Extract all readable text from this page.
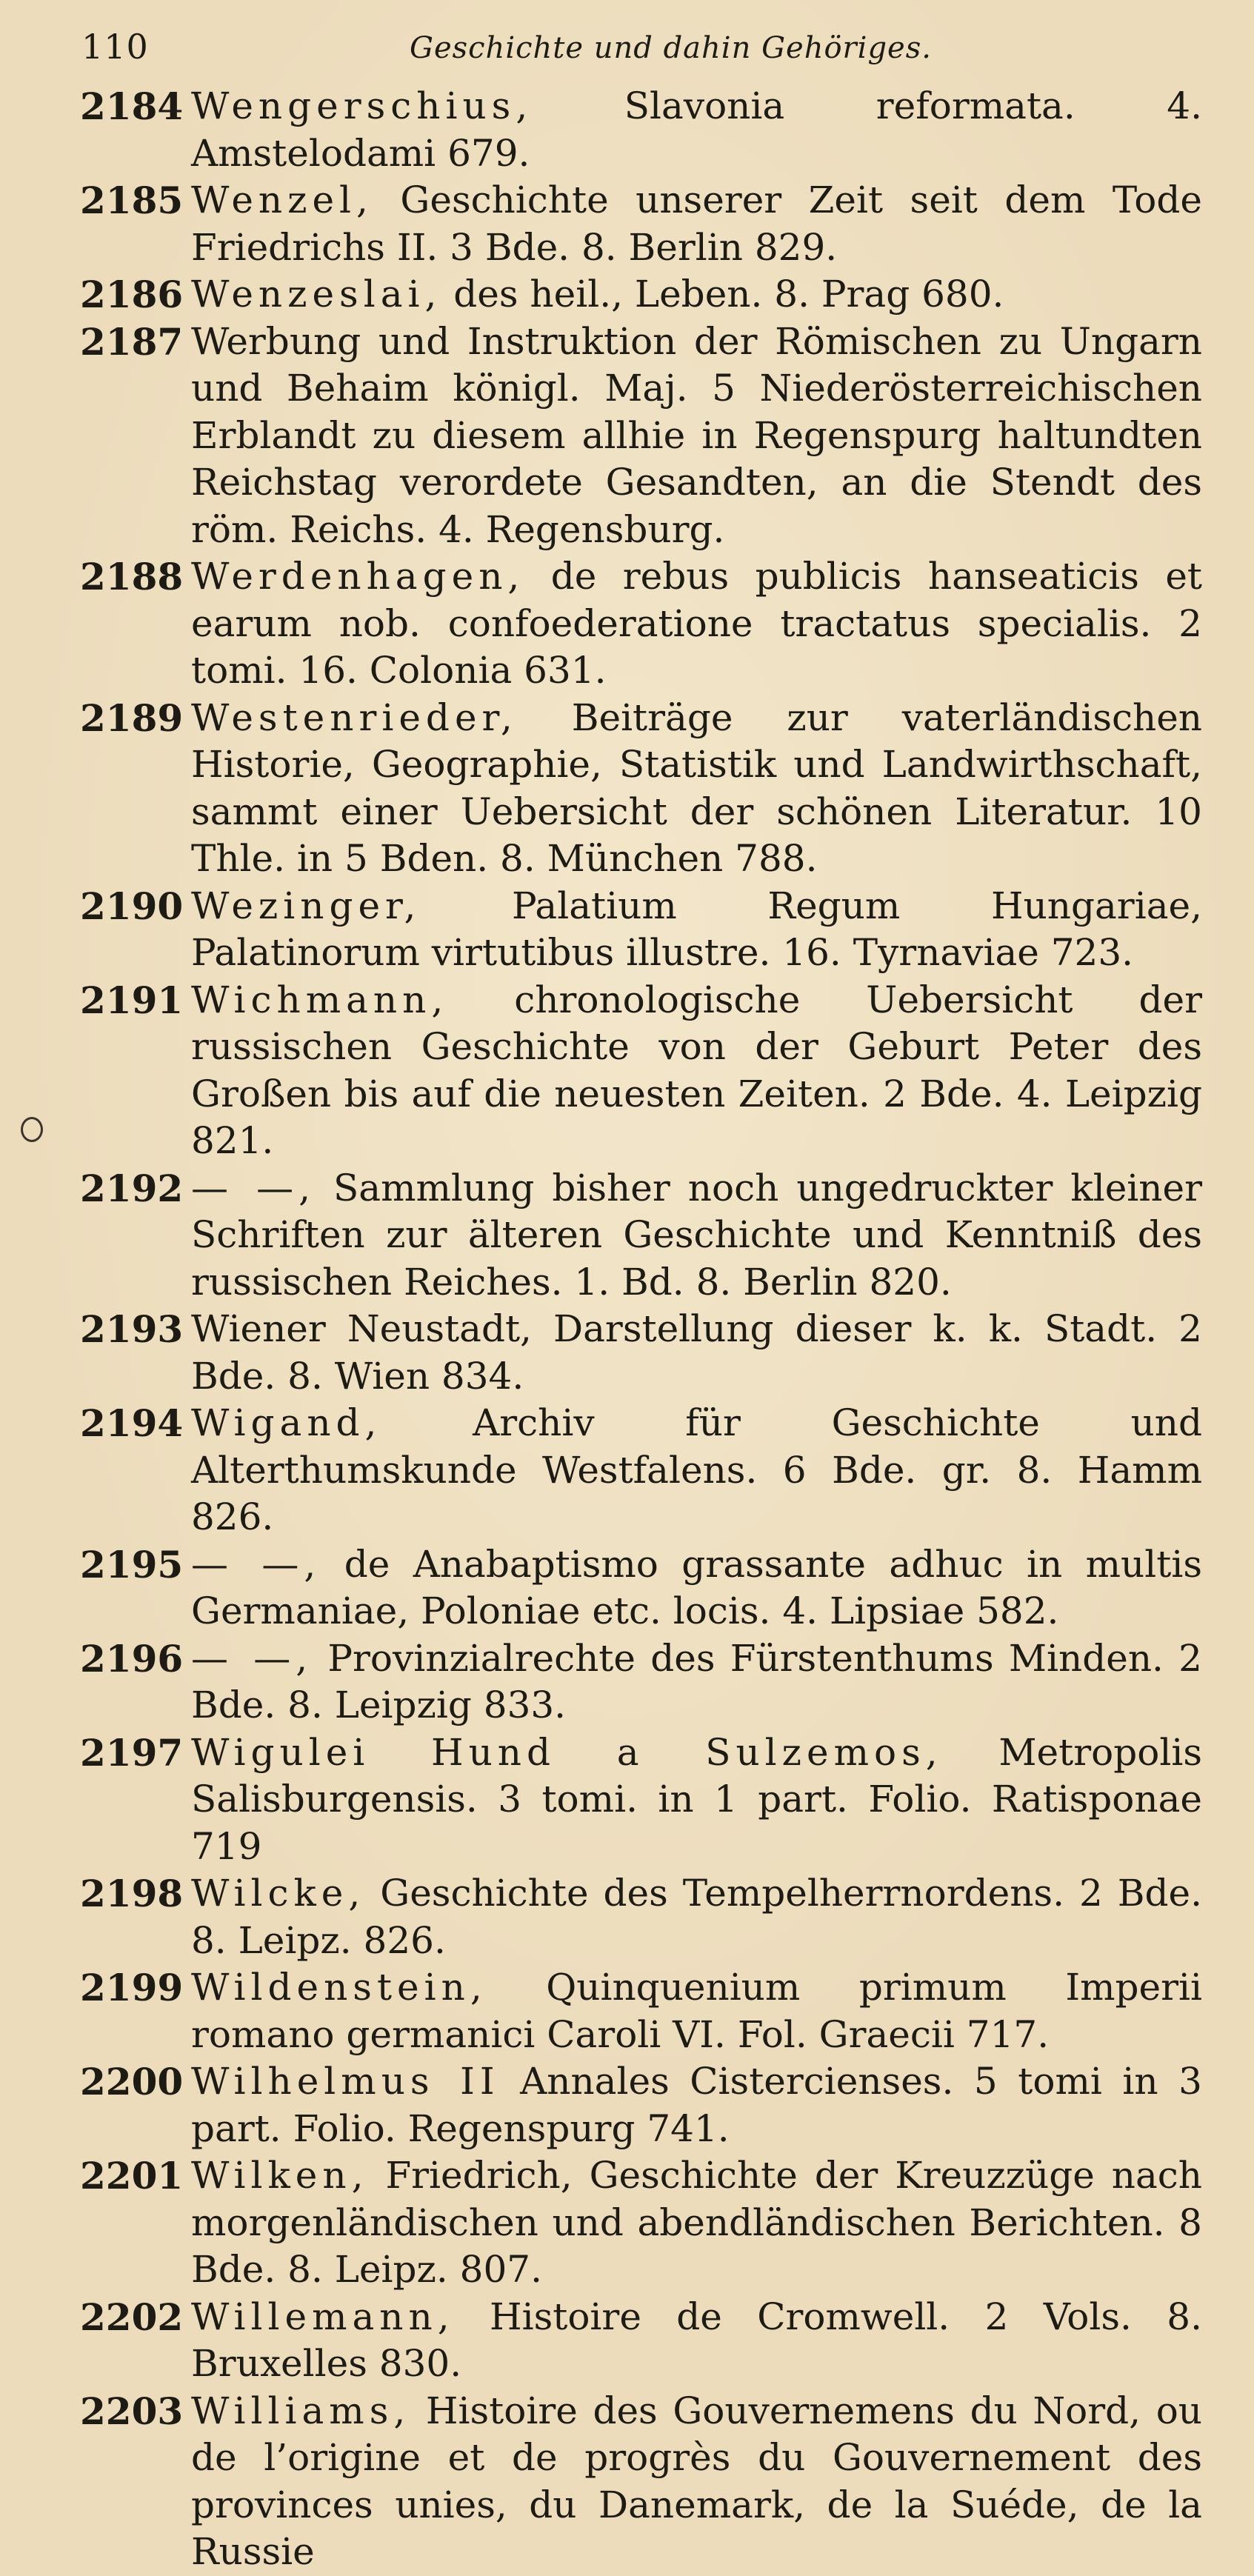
110	Geschichte und dahin Gehöriges.
2184 Wengerschius, Slavonia reformata. 4. Amstelodami 679.

2185 Wenzel, Geschichte unserer Zeit seit dem Tode Friedrichs II. 3 Bde. 8. Berlin 829.

2186 Wenzeslai, des heil., Leben. 8. Prag 680.

2187 Werbung und Instruktion der Römischen zu Ungarn und Behaim königl. Maj. 5 Niederösterreichischen Erblandt zu diesem allhie in Regenspurg haltundten Reichstag verordete Gesandten, an die Stendt des röm. Reichs. 4. Regensburg.

2188 Werdenhagen, de rebus publicis hanseaticis et earum nob. confoederatione tractatus specialis. 2 tomi. 16. Colonia 631.

2189 Westenrieder, Beiträge zur vaterländischen Historie, Geographie, Statistik und Landwirthschaft, sammt einer Uebersicht der schönen Literatur. 10 Thle. in 5 Bden. 8. München 788.

2190 Wezinger, Palatium Regum Hungariae, Palatinorum virtutibus illustre. 16. Tyrnaviae 723.

2191 Wichmann, chronologische Uebersicht der russischen Geschichte von der Geburt Peter des Großen bis auf die neuesten Zeiten. 2 Bde. 4. Leipzig 821.

2192 — —, Sammlung bisher noch ungedruckter kleiner Schriften zur älteren Geschichte und Kenntniß des russischen Reiches. 1. Bd. 8. Berlin 820.

2193 Wiener Neustadt, Darstellung dieser k. k. Stadt. 2 Bde. 8. Wien 834.

2194 Wigand, Archiv für Geschichte und Alterthumskunde Westfalens. 6 Bde. gr. 8. Hamm 826.

2195 — —, de Anabaptismo grassante adhuc in multis Germaniae, Poloniae etc. locis. 4. Lipsiae 582.

2196 — —, Provinzialrechte des Fürstenthums Minden. 2 Bde. 8. Leipzig 833.

2197 Wigulei Hund a Sulzemos, Metropolis Salisburgensis. 3 tomi. in 1 part. Folio. Ratisponae 719

2198 Wilcke, Geschichte des Tempelherrnordens. 2 Bde. 8. Leipz. 826.

2199 Wildenstein, Quinquenium primum Imperii romano germanici Caroli VI. Fol. Graecii 717.

2200 Wilhelmus II Annales Cistercienses. 5 tomi in 3 part. Folio. Regenspurg 741.

2201 Wilken, Friedrich, Geschichte der Kreuzzüge nach morgenländischen und abendländischen Berichten. 8 Bde. 8. Leipz. 807.

2202 Willemann, Histoire de Cromwell. 2 Vols. 8. Bruxelles 830.

2203 Williams, Histoire des Gouvernemens du Nord, ou de l’origine et de progrès du Gouvernement des provinces unies, du Danemark, de la Suéde, de la Russie
